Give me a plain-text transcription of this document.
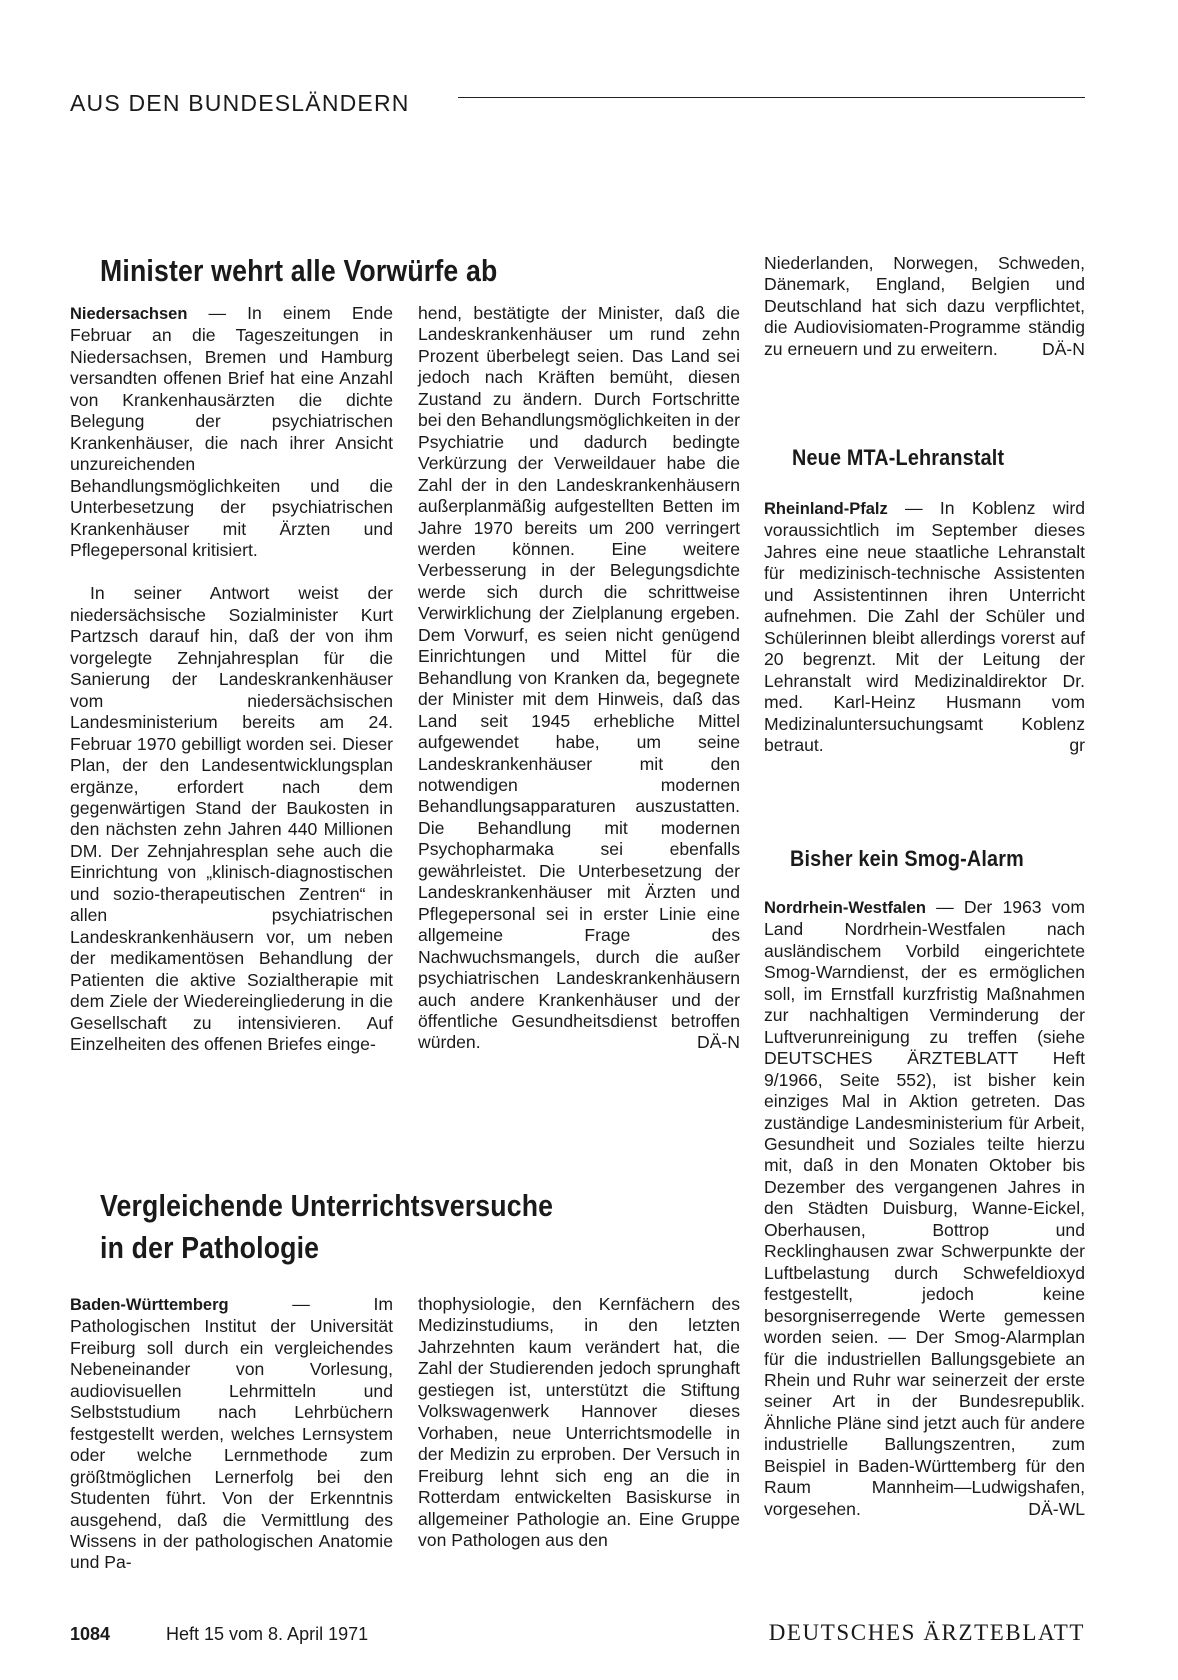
AUS DEN BUNDESLÄNDERN
Minister wehrt alle Vorwürfe ab

Niedersachsen — In einem Ende Februar an die Tageszeitungen in Niedersachsen, Bremen und Hamburg versandten offenen Brief hat eine Anzahl von Krankenhausärzten die dichte Belegung der psychiatrischen Krankenhäuser, die nach ihrer Ansicht unzureichenden Behandlungsmöglichkeiten und die Unterbesetzung der psychiatrischen Krankenhäuser mit Ärzten und Pflegepersonal kritisiert.

In seiner Antwort weist der niedersächsische Sozialminister Kurt Partzsch darauf hin, daß der von ihm vorgelegte Zehnjahresplan für die Sanierung der Landeskrankenhäuser vom niedersächsischen Landesministerium bereits am 24. Februar 1970 gebilligt worden sei. Dieser Plan, der den Landesentwicklungsplan ergänze, erfordert nach dem gegenwärtigen Stand der Baukosten in den nächsten zehn Jahren 440 Millionen DM. Der Zehnjahresplan sehe auch die Einrichtung von „klinisch-diagnostischen und sozio-therapeutischen Zentren“ in allen psychiatrischen Landeskrankenhäusern vor, um neben der medikamentösen Behandlung der Patienten die aktive Sozialtherapie mit dem Ziele der Wiedereingliederung in die Gesellschaft zu intensivieren. Auf Einzelheiten des offenen Briefes einge-

hend, bestätigte der Minister, daß die Landeskrankenhäuser um rund zehn Prozent überbelegt seien. Das Land sei jedoch nach Kräften bemüht, diesen Zustand zu ändern. Durch Fortschritte bei den Behandlungsmöglichkeiten in der Psychiatrie und dadurch bedingte Verkürzung der Verweildauer habe die Zahl der in den Landeskrankenhäusern außerplanmäßig aufgestellten Betten im Jahre 1970 bereits um 200 verringert werden können. Eine weitere Verbesserung in der Belegungsdichte werde sich durch die schrittweise Verwirklichung der Zielplanung ergeben. Dem Vorwurf, es seien nicht genügend Einrichtungen und Mittel für die Behandlung von Kranken da, begegnete der Minister mit dem Hinweis, daß das Land seit 1945 erhebliche Mittel aufgewendet habe, um seine Landeskrankenhäuser mit den notwendigen modernen Behandlungsapparaturen auszustatten. Die Behandlung mit modernen Psychopharmaka sei ebenfalls gewährleistet. Die Unterbesetzung der Landeskrankenhäuser mit Ärzten und Pflegepersonal sei in erster Linie eine allgemeine Frage des Nachwuchsmangels, durch die außer psychiatrischen Landeskrankenhäusern auch andere Krankenhäuser und der öffentliche Gesundheitsdienst betroffen würden.	DÄ-N

Niederlanden, Norwegen, Schweden, Dänemark, England, Belgien und Deutschland hat sich dazu verpflichtet, die Audiovisiomaten-Programme ständig zu erneuern und zu erweitern.	DÄ-N

Neue MTA-Lehranstalt

Rheinland-Pfalz — In Koblenz wird voraussichtlich im September dieses Jahres eine neue staatliche Lehranstalt für medizinisch-technische Assistenten und Assistentinnen ihren Unterricht aufnehmen. Die Zahl der Schüler und Schülerinnen bleibt allerdings vorerst auf 20 begrenzt. Mit der Leitung der Lehranstalt wird Medizinaldirektor Dr. med. Karl-Heinz Husmann vom Medizinaluntersuchungsamt Koblenz betraut.	gr

Bisher kein Smog-Alarm

Nordrhein-Westfalen — Der 1963 vom Land Nordrhein-Westfalen nach ausländischem Vorbild eingerichtete Smog-Warndienst, der es ermöglichen soll, im Ernstfall kurzfristig Maßnahmen zur nachhaltigen Verminderung der Luftverunreinigung zu treffen (siehe DEUTSCHES ÄRZTEBLATT Heft 9/1966, Seite 552), ist bisher kein einziges Mal in Aktion getreten. Das zuständige Landesministerium für Arbeit, Gesundheit und Soziales teilte hierzu mit, daß in den Monaten Oktober bis Dezember des vergangenen Jahres in den Städten Duisburg, Wanne-Eickel, Oberhausen, Bottrop und Recklinghausen zwar Schwerpunkte der Luftbelastung durch Schwefeldioxyd festgestellt, jedoch keine besorgniserregende Werte gemessen worden seien. — Der Smog-Alarmplan für die industriellen Ballungsgebiete an Rhein und Ruhr war seinerzeit der erste seiner Art in der Bundesrepublik. Ähnliche Pläne sind jetzt auch für andere industrielle Ballungszentren, zum Beispiel in Baden-Württemberg für den Raum Mannheim—Ludwigshafen, vorgesehen.	DÄ-WL

Vergleichende Unterrichtsversuche
in der Pathologie

Baden-Württemberg — Im Pathologischen Institut der Universität Freiburg soll durch ein vergleichendes Nebeneinander von Vorlesung, audiovisuellen Lehrmitteln und Selbststudium nach Lehrbüchern festgestellt werden, welches Lernsystem oder welche Lernmethode zum größtmöglichen Lernerfolg bei den Studenten führt. Von der Erkenntnis ausgehend, daß die Vermittlung des Wissens in der pathologischen Anatomie und Pa-

thophysiologie, den Kernfächern des Medizinstudiums, in den letzten Jahrzehnten kaum verändert hat, die Zahl der Studierenden jedoch sprunghaft gestiegen ist, unterstützt die Stiftung Volkswagenwerk Hannover dieses Vorhaben, neue Unterrichtsmodelle in der Medizin zu erproben. Der Versuch in Freiburg lehnt sich eng an die in Rotterdam entwickelten Basiskurse in allgemeiner Pathologie an. Eine Gruppe von Pathologen aus den

1084	Heft 15 vom 8. April 1971	DEUTSCHES ÄRZTEBLATT
